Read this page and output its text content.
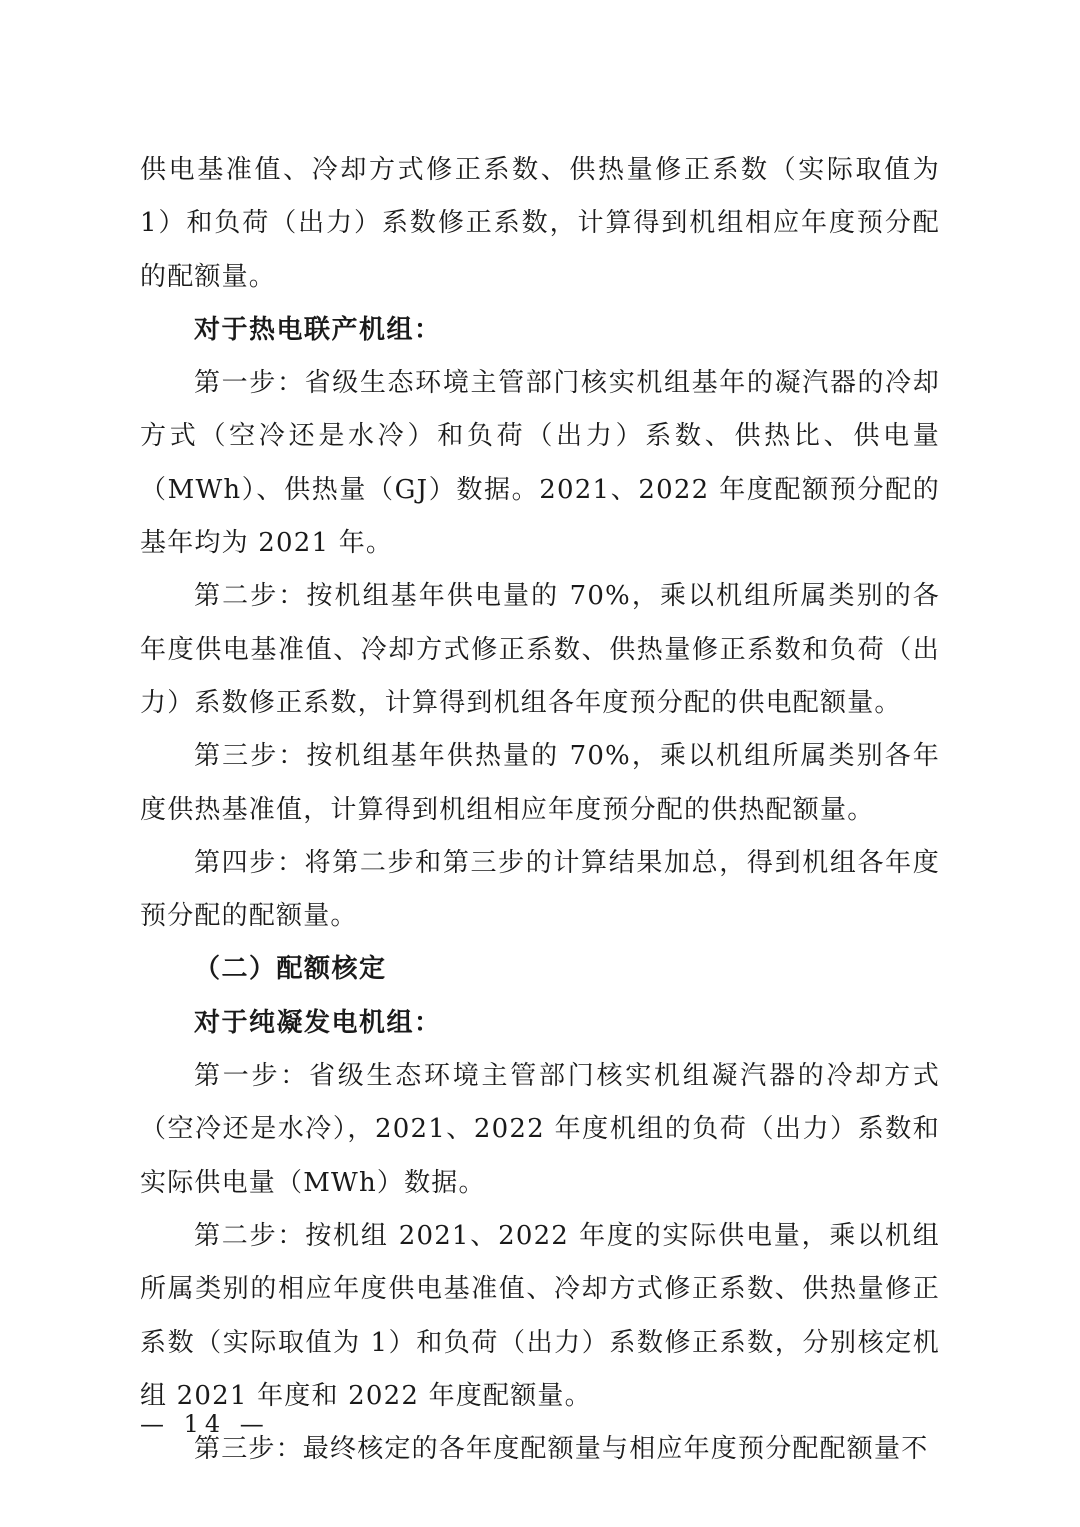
供电基准值、冷却方式修正系数、供热量修正系数（实际取值为 1）和负荷（出力）系数修正系数，计算得到机组相应年度预分配的配额量。

对于热电联产机组：

第一步：省级生态环境主管部门核实机组基年的凝汽器的冷却方式（空冷还是水冷）和负荷（出力）系数、供热比、供电量（MWh）、供热量（GJ）数据。2021、2022 年度配额预分配的基年均为 2021 年。

第二步：按机组基年供电量的 70%，乘以机组所属类别的各年度供电基准值、冷却方式修正系数、供热量修正系数和负荷（出力）系数修正系数，计算得到机组各年度预分配的供电配额量。

第三步：按机组基年供热量的 70%，乘以机组所属类别各年度供热基准值，计算得到机组相应年度预分配的供热配额量。

第四步：将第二步和第三步的计算结果加总，得到机组各年度预分配的配额量。

（二）配额核定

对于纯凝发电机组：

第一步：省级生态环境主管部门核实机组凝汽器的冷却方式（空冷还是水冷），2021、2022 年度机组的负荷（出力）系数和实际供电量（MWh）数据。

第二步：按机组 2021、2022 年度的实际供电量，乘以机组所属类别的相应年度供电基准值、冷却方式修正系数、供热量修正系数（实际取值为 1）和负荷（出力）系数修正系数，分别核定机组 2021 年度和 2022 年度配额量。

第三步：最终核定的各年度配额量与相应年度预分配配额量不

— 14 —
